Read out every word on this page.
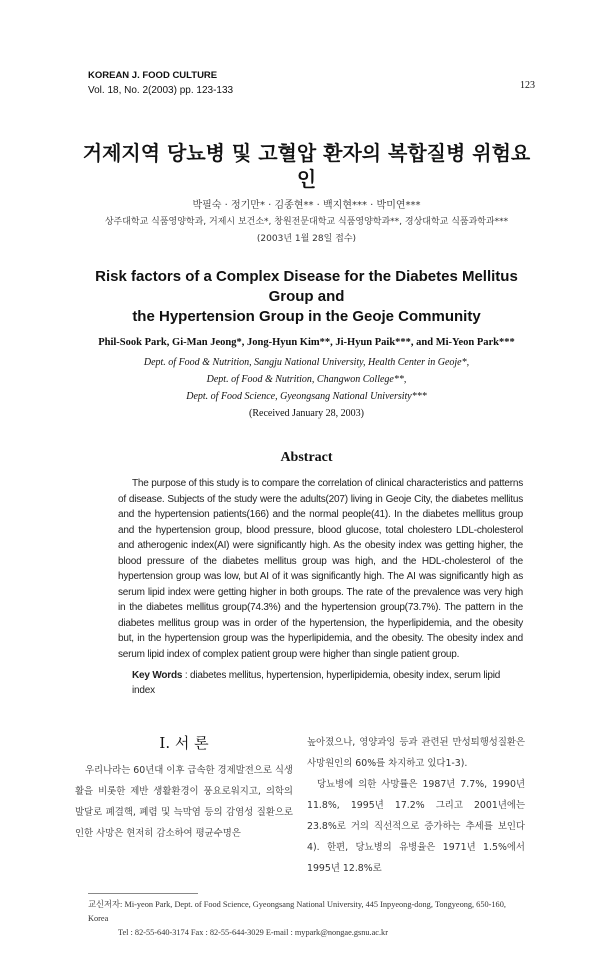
KOREAN J. FOOD CULTURE
Vol. 18, No. 2(2003) pp. 123-133	123
거제지역 당뇨병 및 고혈압 환자의 복합질병 위험요인
박필숙 · 정기만* · 김종현** · 백지현*** · 박미연***
상주대학교 식품영양학과, 거제시 보건소*, 창원전문대학교 식품영양학과**, 경상대학교 식품과학과***
(2003년 1월 28일 접수)
Risk factors of a Complex Disease for the Diabetes Mellitus Group and
the Hypertension Group in the Geoje Community
Phil-Sook Park, Gi-Man Jeong*, Jong-Hyun Kim**, Ji-Hyun Paik***, and Mi-Yeon Park***
Dept. of Food & Nutrition, Sangju National University, Health Center in Geoje*,
Dept. of Food & Nutrition, Changwon College**,
Dept. of Food Science, Gyeongsang National University***
(Received January 28, 2003)
Abstract
The purpose of this study is to compare the correlation of clinical characteristics and patterns of disease. Subjects of the study were the adults(207) living in Geoje City, the diabetes mellitus and the hypertension patients(166) and the normal people(41). In the diabetes mellitus group and the hypertension group, blood pressure, blood glucose, total cholestero LDL-cholesterol and atherogenic index(AI) were significantly high. As the obesity index was getting higher, the blood pressure of the diabetes mellitus group was high, and the HDL-cholesterol of the hypertension group was low, but AI of it was significantly high. The AI was significantly high as serum lipid index were getting higher in both groups. The rate of the prevalence was very high in the diabetes mellitus group(74.3%) and the hypertension group(73.7%). The pattern in the diabetes mellitus group was in order of the hypertension, the hyperlipidemia, and the obesity but, in the hypertension group was the hyperlipidemia, and the obesity. The obesity index and serum lipid index of complex patient group were higher than single patient group.
Key Words : diabetes mellitus, hypertension, hyperlipidemia, obesity index, serum lipid index
I. 서 론
우리나라는 60년대 이후 급속한 경제발전으로 식생활을 비롯한 제반 생활환경이 풍요로워지고, 의학의 발달로 폐결핵, 폐렴 및 늑막염 등의 감염성 질환으로 인한 사망은 현저히 감소하여 평균수명은

높아졌으나, 영양과잉 등과 관련된 만성퇴행성질환은 사망원인의 60%를 차지하고 있다1-3).

당뇨병에 의한 사망률은 1987년 7.7%, 1990년 11.8%, 1995년 17.2% 그리고 2001년에는 23.8%로 거의 직선적으로 증가하는 추세를 보인다4). 한편, 당뇨병의 유병율은 1971년 1.5%에서 1995년 12.8%로

교신저자: Mi-yeon Park, Dept. of Food Science, Gyeongsang National University, 445 Inpyeong-dong, Tongyeong, 650-160, Korea
Tel : 82-55-640-3174 Fax : 82-55-644-3029 E-mail : mypark@nongae.gsnu.ac.kr
